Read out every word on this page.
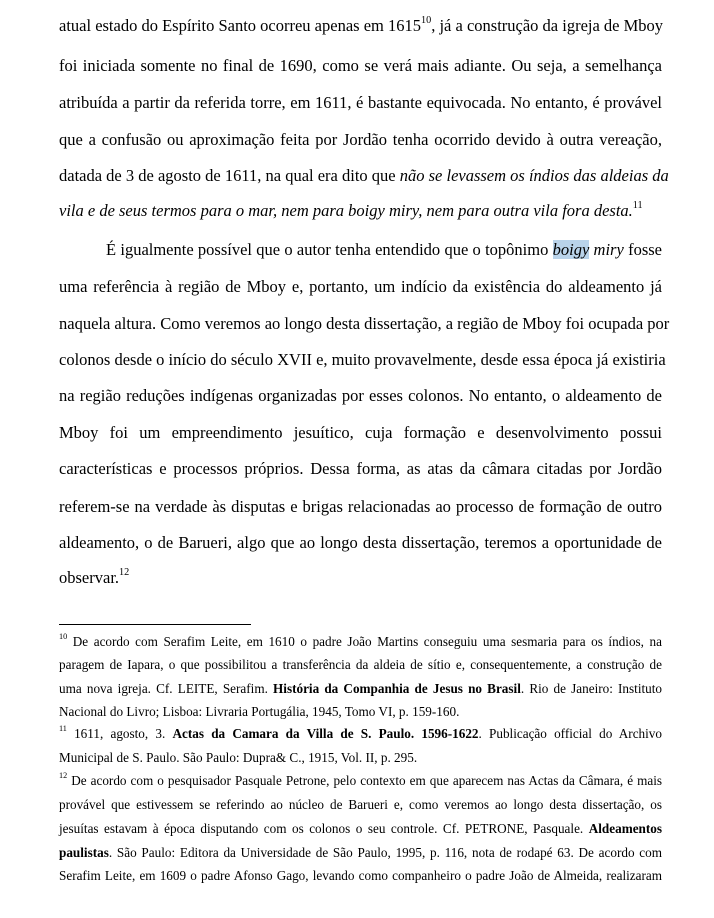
atual estado do Espírito Santo ocorreu apenas em 1615$^{10}$, já a construção da igreja de Mboy
foi iniciada somente no final de 1690, como se verá mais adiante. Ou seja, a semelhança
atribuída a partir da referida torre, em 1611, é bastante equivocada. No entanto, é provável
que a confusão ou aproximação feita por Jordão tenha ocorrido devido à outra vereação,
datada de 3 de agosto de 1611, na qual era dito que não se levassem os índios das aldeias da
vila e de seus termos para o mar, nem para boigy miry, nem para outra vila fora desta.$^{11}$
É igualmente possível que o autor tenha entendido que o topônimo boigy miry fosse
uma referência à região de Mboy e, portanto, um indício da existência do aldeamento já
naquela altura. Como veremos ao longo desta dissertação, a região de Mboy foi ocupada por
colonos desde o início do século XVII e, muito provavelmente, desde essa época já existiria
na região reduções indígenas organizadas por esses colonos. No entanto, o aldeamento de
Mboy foi um empreendimento jesuítico, cuja formação e desenvolvimento possui
características e processos próprios. Dessa forma, as atas da câmara citadas por Jordão
referem-se na verdade às disputas e brigas relacionadas ao processo de formação de outro
aldeamento, o de Barueri, algo que ao longo desta dissertação, teremos a oportunidade de
observar.$^{12}$
$^{10}$ De acordo com Serafim Leite, em 1610 o padre João Martins conseguiu uma sesmaria para os índios, na
paragem de Iapara, o que possibilitou a transferência da aldeia de sítio e, consequentemente, a construção de
uma nova igreja. Cf. LEITE, Serafim. História da Companhia de Jesus no Brasil. Rio de Janeiro: Instituto
Nacional do Livro; Lisboa: Livraria Portugália, 1945, Tomo VI, p. 159-160.
$^{11}$ 1611, agosto, 3. Actas da Camara da Villa de S. Paulo. 1596-1622. Publicação official do Archivo
Municipal de S. Paulo. São Paulo: Dupra& C., 1915, Vol. II, p. 295.
$^{12}$ De acordo com o pesquisador Pasquale Petrone, pelo contexto em que aparecem nas Actas da Câmara, é mais
provável que estivessem se referindo ao núcleo de Barueri e, como veremos ao longo desta dissertação, os
jesuítas estavam à época disputando com os colonos o seu controle. Cf. PETRONE, Pasquale. Aldeamentos
paulistas. São Paulo: Editora da Universidade de São Paulo, 1995, p. 116, nota de rodapé 63. De acordo com
Serafim Leite, em 1609 o padre Afonso Gago, levando como companheiro o padre João de Almeida, realizaram
